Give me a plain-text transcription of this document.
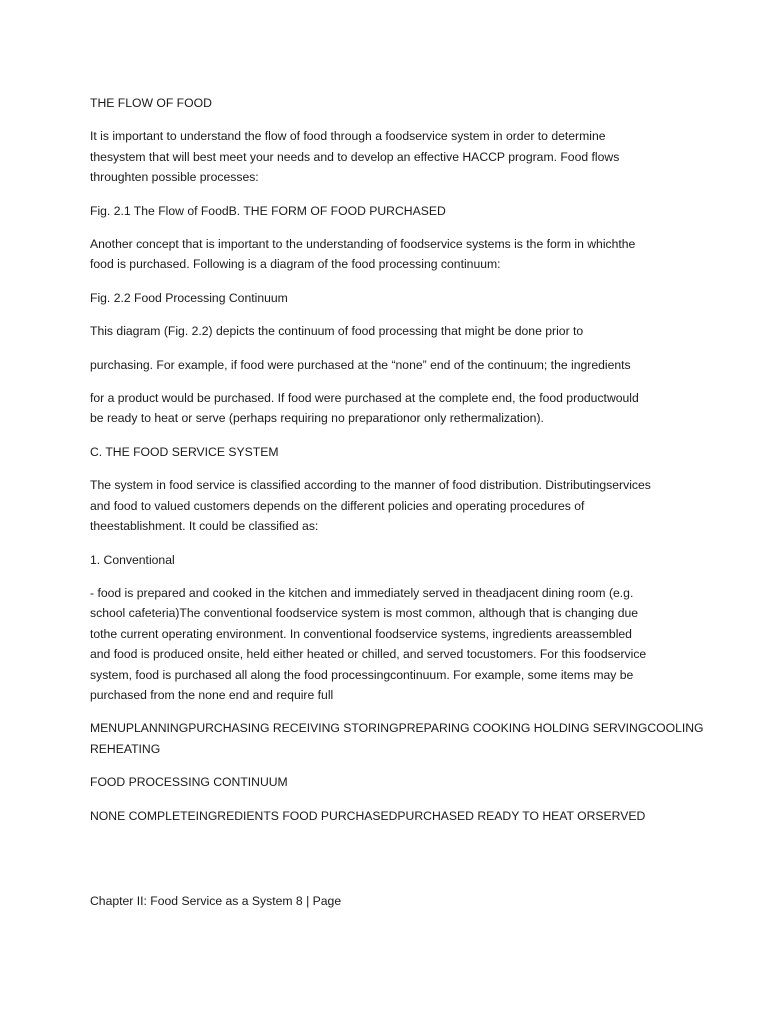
THE FLOW OF FOOD

It is important to understand the flow of food through a foodservice system in order to determine
thesystem that will best meet your needs and to develop an effective HACCP program. Food flows
throughten possible processes:

Fig. 2.1 The Flow of FoodB. THE FORM OF FOOD PURCHASED

Another concept that is important to the understanding of foodservice systems is the form in whichthe
food is purchased. Following is a diagram of the food processing continuum:

Fig. 2.2 Food Processing Continuum

This diagram (Fig. 2.2) depicts the continuum of food processing that might be done prior to

purchasing. For example, if food were purchased at the “none” end of the continuum; the ingredients

for a product would be purchased. If food were purchased at the complete end, the food productwould
be ready to heat or serve (perhaps requiring no preparationor only rethermalization).

C. THE FOOD SERVICE SYSTEM

The system in food service is classified according to the manner of food distribution. Distributingservices
and food to valued customers depends on the different policies and operating procedures of
theestablishment. It could be classified as:

1. Conventional

- food is prepared and cooked in the kitchen and immediately served in theadjacent dining room (e.g.
school cafeteria)The conventional foodservice system is most common, although that is changing due
tothe current operating environment. In conventional foodservice systems, ingredients areassembled
and food is produced onsite, held either heated or chilled, and served tocustomers. For this foodservice
system, food is purchased all along the food processingcontinuum. For example, some items may be
purchased from the none end and require full

MENUPLANNINGPURCHASING RECEIVING STORINGPREPARING COOKING HOLDING SERVINGCOOLING
REHEATING

FOOD PROCESSING CONTINUUM

NONE COMPLETEINGREDIENTS FOOD PURCHASEDPURCHASED READY TO HEAT ORSERVED

Chapter II: Food Service as a System 8 | Page
